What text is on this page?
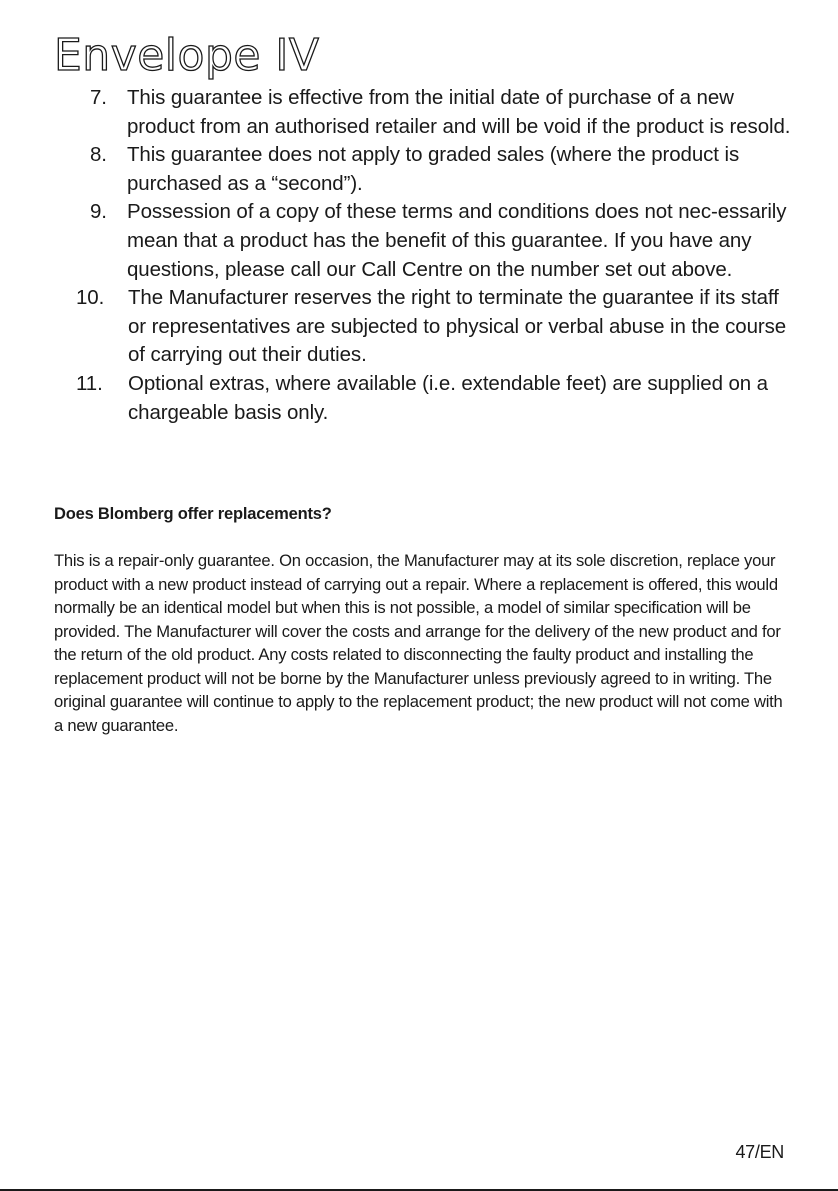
Envelope IV
7. This guarantee is effective from the initial date of purchase of a new product from an authorised retailer and will be void if the product is resold.
8. This guarantee does not apply to graded sales (where the product is purchased as a “second”).
9. Possession of a copy of these terms and conditions does not nec-essarily mean that a product has the benefit of this guarantee. If you have any questions, please call our Call Centre on the number set out above.
10. The Manufacturer reserves the right to terminate the guarantee if its staff or representatives are subjected to physical or verbal abuse in the course of carrying out their duties.
11. Optional extras, where available (i.e. extendable feet) are supplied on a chargeable basis only.
Does Blomberg offer replacements?

This is a repair-only guarantee. On occasion, the Manufacturer may at its sole discretion, replace your product with a new product instead of carrying out a repair. Where a replacement is offered, this would normally be an identical model but when this is not possible, a model of similar specification will be provided. The Manufacturer will cover the costs and arrange for the delivery of the new product and for the return of the old product. Any costs related to disconnecting the faulty product and installing the replacement product will not be borne by the Manufacturer unless previously agreed to in writing. The original guarantee will continue to apply to the replacement product; the new product will not come with a new guarantee.

47/EN
